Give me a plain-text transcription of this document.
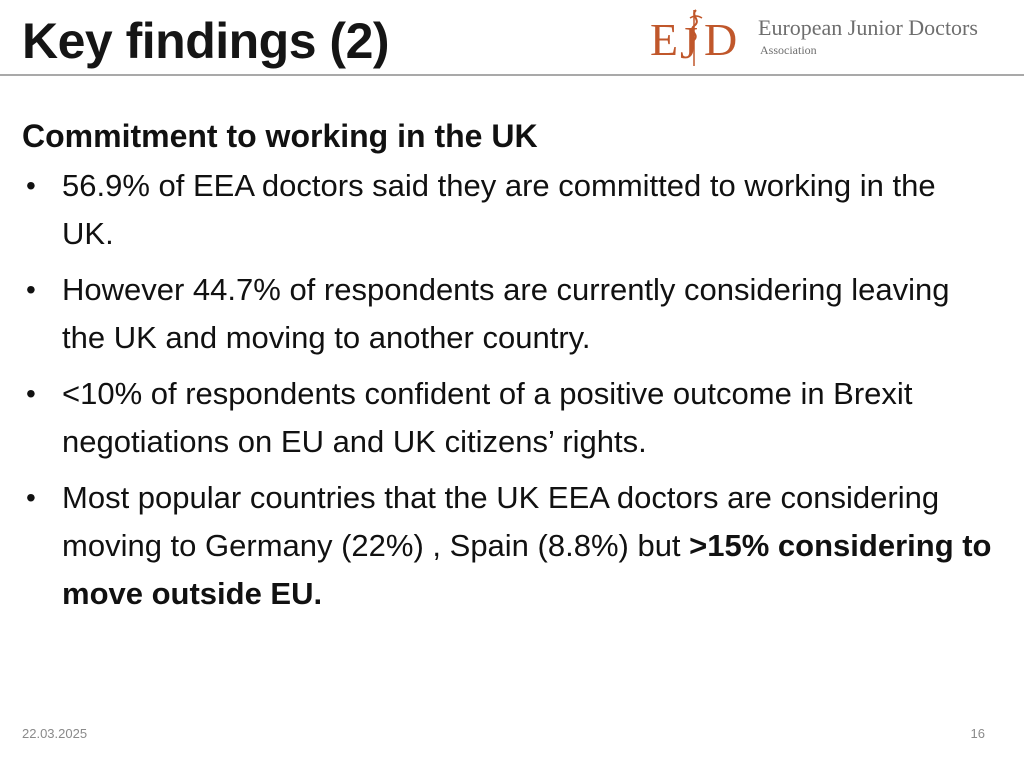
Key findings (2)	E J D European Junior Doctors
Association
Commitment to working in the UK
• 56.9% of EEA doctors said they are committed to working in the UK.
• However 44.7% of respondents are currently considering leaving the UK and moving to another country.
• <10% of respondents confident of a positive outcome in Brexit negotiations on EU and UK citizens’ rights.
• Most popular countries that the UK EEA doctors are considering moving to Germany (22%) , Spain (8.8%) but >15% considering to move outside EU.
22.03.2025	16
